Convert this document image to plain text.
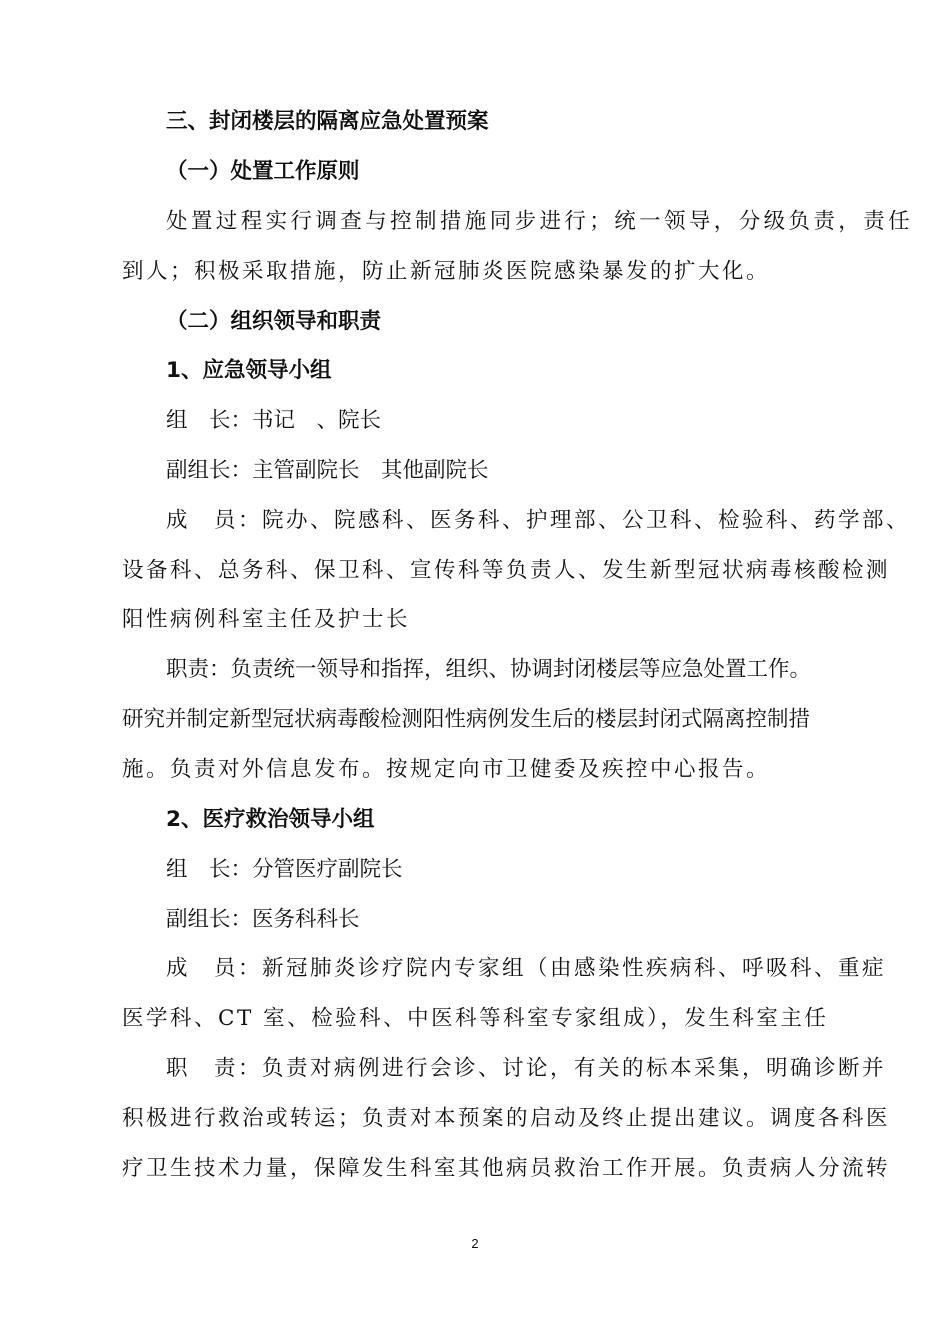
三、封闭楼层的隔离应急处置预案
（一）处置工作原则
处置过程实行调查与控制措施同步进行；统一领导，分级负责，责任
到人；积极采取措施，防止新冠肺炎医院感染暴发的扩大化。
（二）组织领导和职责
1、应急领导小组
组　长：书记　、院长
副组长：主管副院长　其他副院长
成　员：院办、院感科、医务科、护理部、公卫科、检验科、药学部、
设备科、总务科、保卫科、宣传科等负责人、发生新型冠状病毒核酸检测
阳性病例科室主任及护士长
职责：负责统一领导和指挥，组织、协调封闭楼层等应急处置工作。
研究并制定新型冠状病毒酸检测阳性病例发生后的楼层封闭式隔离控制措
施。负责对外信息发布。按规定向市卫健委及疾控中心报告。
2、医疗救治领导小组
组　长：分管医疗副院长
副组长：医务科科长
成　员：新冠肺炎诊疗院内专家组（由感染性疾病科、呼吸科、重症
医学科、CT 室、检验科、中医科等科室专家组成），发生科室主任
职　责：负责对病例进行会诊、讨论，有关的标本采集，明确诊断并
积极进行救治或转运；负责对本预案的启动及终止提出建议。调度各科医
疗卫生技术力量，保障发生科室其他病员救治工作开展。负责病人分流转
2
